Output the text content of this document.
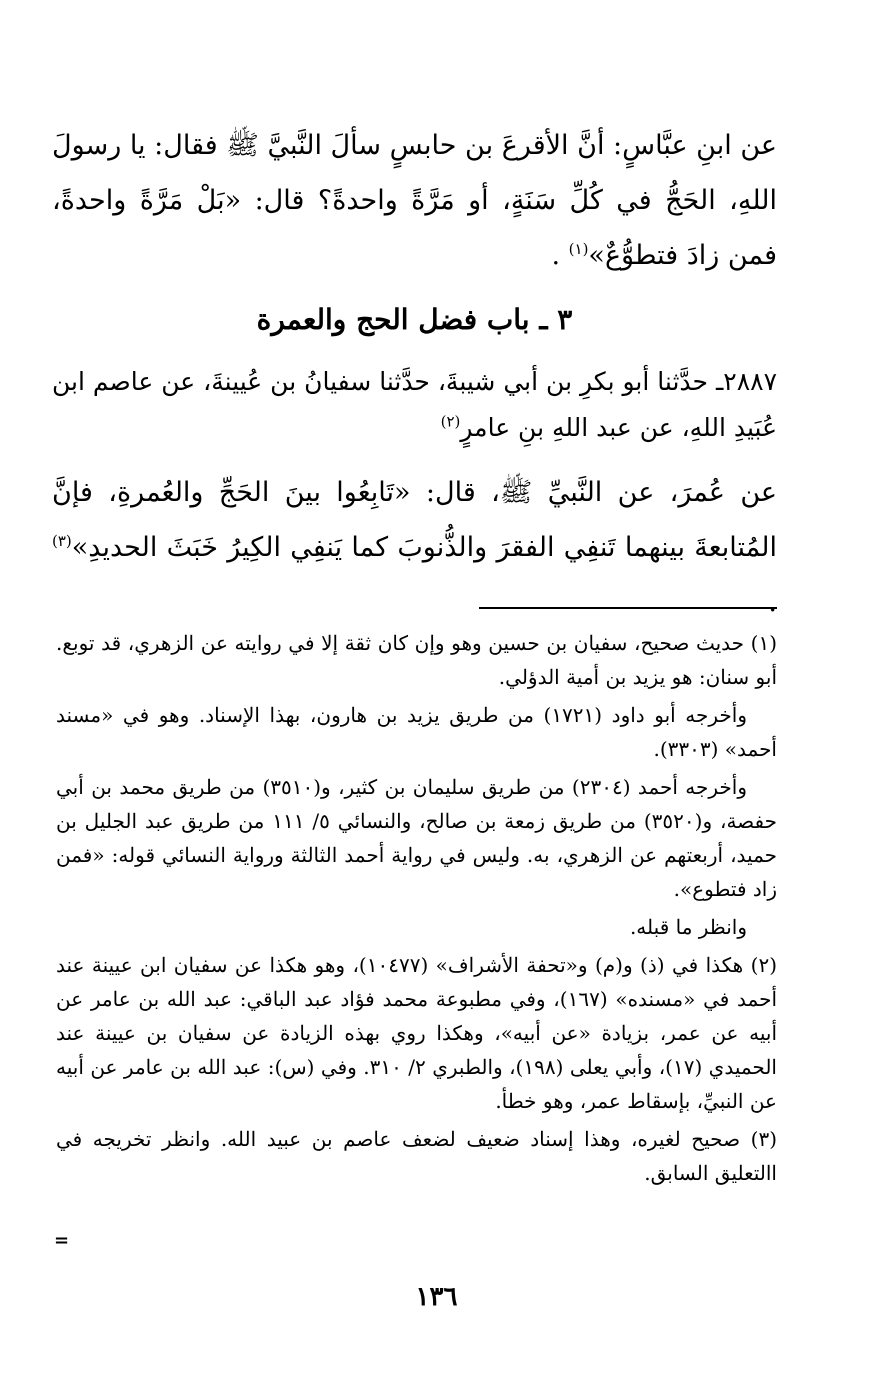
عن ابنِ عبَّاسٍ: أنَّ الأقرعَ بن حابسٍ سألَ النَّبيَّ ﷺ فقال: يا رسولَ اللهِ، الحَجُّ في كُلِّ سَنَةٍ، أو مَرَّةً واحدةً؟ قال: «بَلْ مَرَّةً واحدةً، فمن زادَ فتطوُّعٌ»$^{(١)}$ .

٣ ـ باب فضل الحج والعمرة

٢٨٨٧ـ حدَّثنا أبو بكرِ بن أبي شيبةَ، حدَّثنا سفيانُ بن عُيينةَ، عن عاصم ابن عُبَيدِ اللهِ، عن عبد اللهِ بنِ عامرٍ$^{(٢)}$

عن عُمرَ، عن النَّبيِّ ﷺ، قال: «تَابِعُوا بينَ الحَجِّ والعُمرةِ، فإنَّ المُتابعةَ بينهما تَنفِي الفقرَ والذُّنوبَ كما يَنفِي الكِيرُ خَبَثَ الحديدِ»$^{(٣)}$ .

(١) حديث صحيح، سفيان بن حسين وهو وإن كان ثقة إلا في روايته عن الزهري، قد توبع. أبو سنان: هو يزيد بن أمية الدؤلي.

وأخرجه أبو داود (١٧٢١) من طريق يزيد بن هارون، بهذا الإسناد. وهو في «مسند أحمد» (٣٣٠٣).

وأخرجه أحمد (٢٣٠٤) من طريق سليمان بن كثير، و(٣٥١٠) من طريق محمد بن أبي حفصة، و(٣٥٢٠) من طريق زمعة بن صالح، والنسائي ٥/ ١١١ من طريق عبد الجليل بن حميد، أربعتهم عن الزهري، به. وليس في رواية أحمد الثالثة ورواية النسائي قوله: «فمن زاد فتطوع».

وانظر ما قبله.

(٢) هكذا في (ذ) و(م) و«تحفة الأشراف» (١٠٤٧٧)، وهو هكذا عن سفيان ابن عيينة عند أحمد في «مسنده» (١٦٧)، وفي مطبوعة محمد فؤاد عبد الباقي: عبد الله بن عامر عن أبيه عن عمر، بزيادة «عن أبيه»، وهكذا روي بهذه الزيادة عن سفيان بن عيينة عند الحميدي (١٧)، وأبي يعلى (١٩٨)، والطبري ٢/ ٣١٠. وفي (س): عبد الله بن عامر عن أبيه عن النبيِّ، بإسقاط عمر، وهو خطأ.

(٣) صحيح لغيره، وهذا إسناد ضعيف لضعف عاصم بن عبيد الله. وانظر تخريجه في االتعليق السابق.

=
١٣٦
